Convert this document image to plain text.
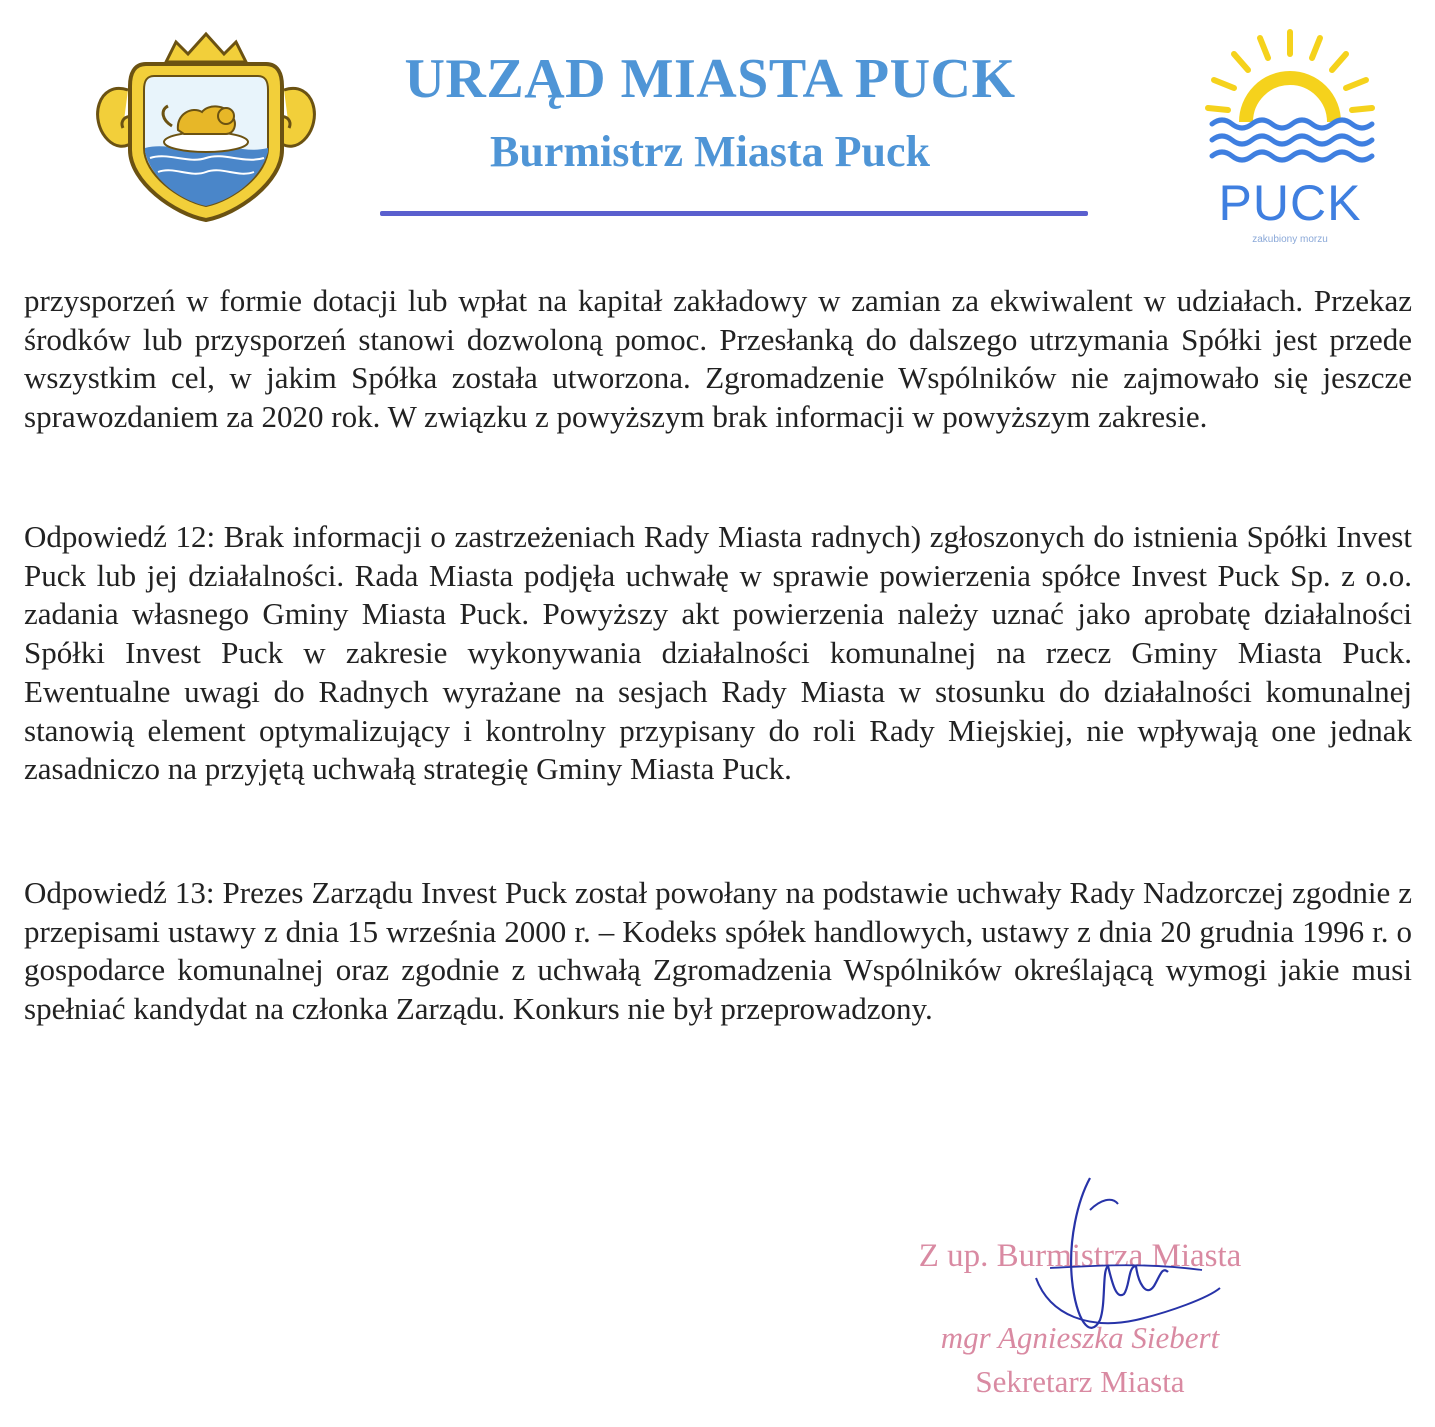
URZĄD MIASTA PUCK
Burmistrz Miasta Puck
PUCK
zakubiony morzu

przysporzeń w formie dotacji lub wpłat na kapitał zakładowy w zamian za ekwiwalent w udziałach. Przekaz środków lub przysporzeń stanowi dozwoloną pomoc. Przesłanką do dalszego utrzymania Spółki jest przede wszystkim cel, w jakim Spółka została utworzona. Zgromadzenie Wspólników nie zajmowało się jeszcze sprawozdaniem za 2020 rok. W związku z powyższym brak informacji w powyższym zakresie.

Odpowiedź 12: Brak informacji o zastrzeżeniach Rady Miasta radnych) zgłoszonych do istnienia Spółki Invest Puck lub jej działalności. Rada Miasta podjęła uchwałę w sprawie powierzenia spółce Invest Puck Sp. z o.o. zadania własnego Gminy Miasta Puck. Powyższy akt powierzenia należy uznać jako aprobatę działalności Spółki Invest Puck w zakresie wykonywania działalności komunalnej na rzecz Gminy Miasta Puck. Ewentualne uwagi do Radnych wyrażane na sesjach Rady Miasta w stosunku do działalności komunalnej stanowią element optymalizujący i kontrolny przypisany do roli Rady Miejskiej, nie wpływają one jednak zasadniczo na przyjętą uchwałą strategię Gminy Miasta Puck.

Odpowiedź 13: Prezes Zarządu Invest Puck został powołany na podstawie uchwały Rady Nadzorczej zgodnie z przepisami ustawy z dnia 15 września 2000 r. – Kodeks spółek handlowych, ustawy z dnia 20 grudnia 1996 r. o gospodarce komunalnej oraz zgodnie z uchwałą Zgromadzenia Wspólników określającą wymogi jakie musi spełniać kandydat na członka Zarządu. Konkurs nie był przeprowadzony.

Z up. Burmistrza Miasta

mgr Agnieszka Siebert

Sekretarz Miasta
